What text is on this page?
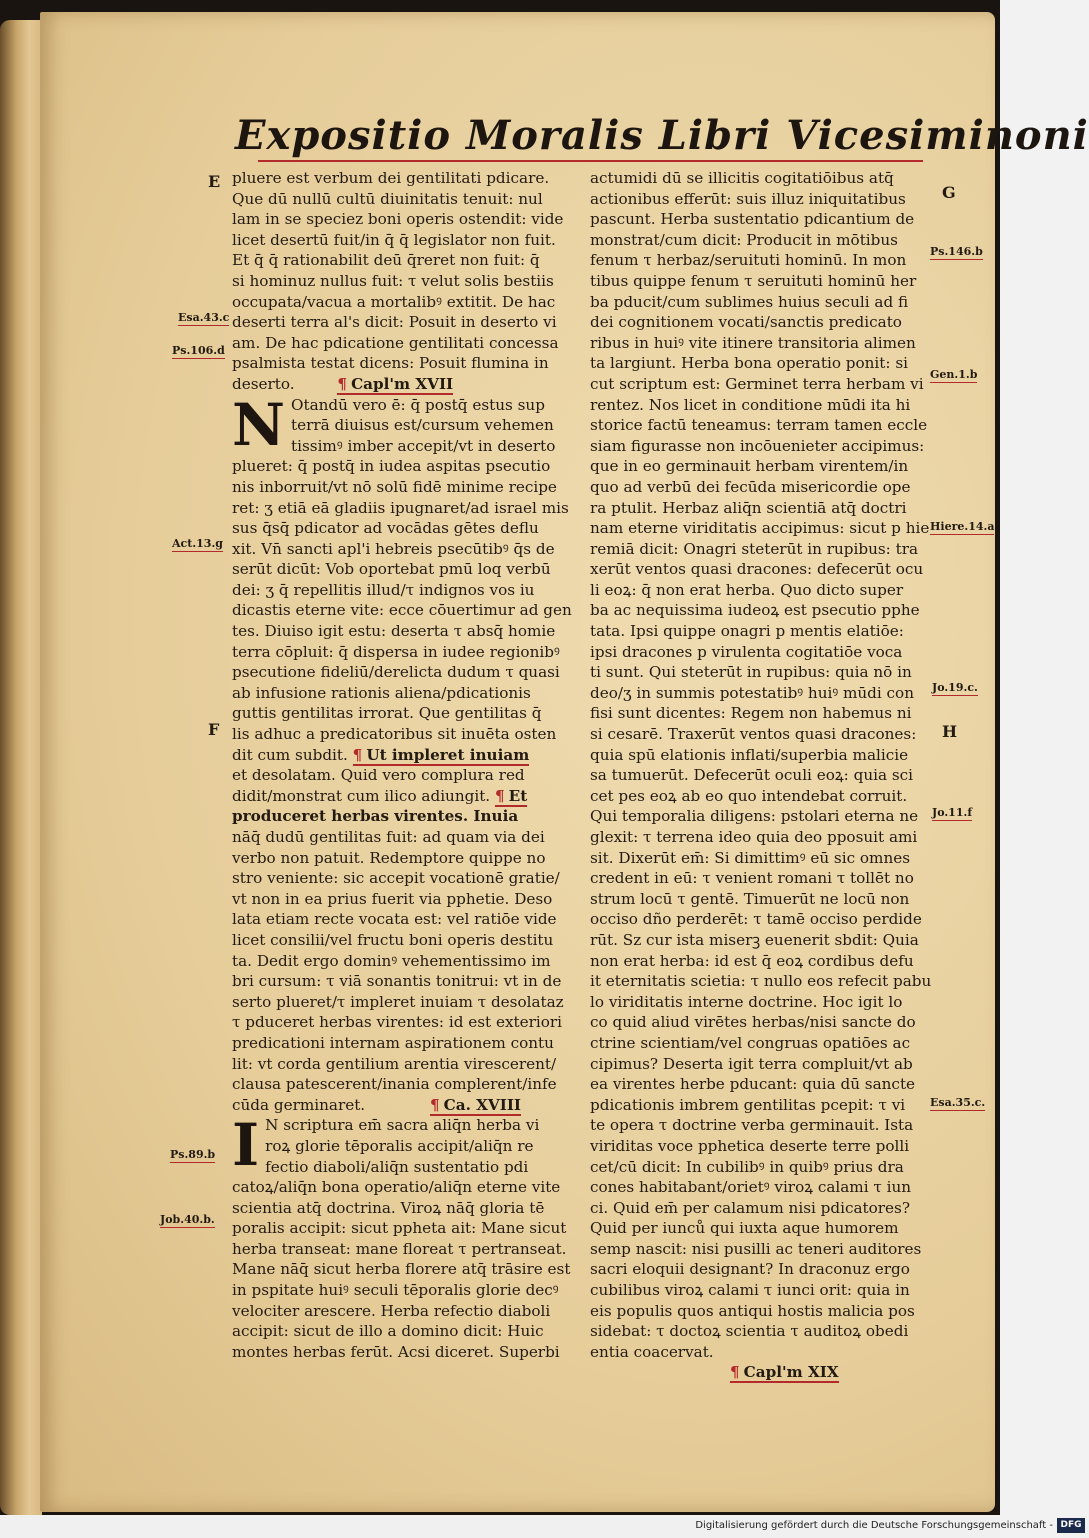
Expositio Moralis Libri Vicesiminoni
E
Esa.43.c
Ps.106.d
Act.13.g
F
Ps.89.b
Job.40.b.
G
Ps.146.b
Gen.1.b
Hiere.14.a
Jo.19.c.
H
Jo.11.f
Esa.35.c.
pluere est verbum dei gentilitati pdicare.
Que dū nullū cultū diuinitatis tenuit: nul
lam in se speciez boni operis ostendit: vide
licet desertū fuit/in q̄ q̄ legislator non fuit.
Et q̄ q̄ rationabilit deū q̄reret non fuit: q̄
si hominuz nullus fuit: τ velut solis bestiis
occupata/vacua a mortalibꝰ extitit. De hac
deserti terra al's dicit: Posuit in deserto vi
am. De hac pdicatione gentilitati concessa
psalmista testat dicens: Posuit flumina in
deserto.	¶ Capl'm XVII
N Otandū vero ē: q̄ postq̄ estus sup
terrā diuisus est/cursum vehemen
tissimꝰ imber accepit/vt in deserto
plueret: q̄ postq̄ in iudea aspitas psecutio
nis inborruit/vt nō solū fidē minime recipe
ret: ʒ etiā eā gladiis ipugnaret/ad israel mis
sus q̄sq̄ pdicator ad vocādas gētes deflu
xit. Vn̄ sancti apl'i hebreis psecūtibꝰ q̄s de
serūt dicūt: Vob oportebat pmū loq verbū
dei: ʒ q̄ repellitis illud/τ indignos vos iu
dicastis eterne vite: ecce cōuertimur ad gen
tes. Diuiso igit estu: deserta τ absq̄ homie
terra cōpluit: q̄ dispersa in iudee regionibꝰ
psecutione fideliū/derelicta dudum τ quasi
ab infusione rationis aliena/pdicationis
guttis gentilitas irrorat. Que gentilitas q̄
lis adhuc a predicatoribus sit inuēta osten
dit cum subdit. ¶ Ut impleret inuiam
et desolatam. Quid vero complura red
didit/monstrat cum ilico adiungit. ¶ Et
produceret herbas virentes. Inuia
nāq̄ dudū gentilitas fuit: ad quam via dei
verbo non patuit. Redemptore quippe no
stro veniente: sic accepit vocationē gratie/
vt non in ea prius fuerit via pphetie. Deso
lata etiam recte vocata est: vel ratiōe vide
licet consilii/vel fructu boni operis destitu
ta. Dedit ergo dominꝰ vehementissimo im
bri cursum: τ viā sonantis tonitrui: vt in de
serto plueret/τ impleret inuiam τ desolataz
τ pduceret herbas virentes: id est exteriori
predicationi internam aspirationem contu
lit: vt corda gentilium arentia virescerent/
clausa patescerent/inania complerent/infe
cūda germinaret.	¶ Ca. XVIII
I N scriptura em̄ sacra aliq̄n herba vi
roꝝ glorie tēporalis accipit/aliq̄n re
fectio diaboli/aliq̄n sustentatio pdi
catoꝝ/aliq̄n bona operatio/aliq̄n eterne vite
scientia atq̄ doctrina. Viroꝝ nāq̄ gloria tē
poralis accipit: sicut ppheta ait: Mane sicut
herba transeat: mane floreat τ pertranseat.
Mane nāq̄ sicut herba florere atq̄ trāsire est
in pspitate huiꝰ seculi tēporalis glorie decꝰ
velociter arescere. Herba refectio diaboli
accipit: sicut de illo a domino dicit: Huic
montes herbas ferūt. Acsi diceret. Superbi
actumidi dū se illicitis cogitatiōibus atq̄
actionibus efferūt: suis illuz iniquitatibus
pascunt. Herba sustentatio pdicantium de
monstrat/cum dicit: Producit in mōtibus
fenum τ herbaz/seruituti hominū. In mon
tibus quippe fenum τ seruituti hominū her
ba pducit/cum sublimes huius seculi ad fi
dei cognitionem vocati/sanctis predicato
ribus in huiꝰ vite itinere transitoria alimen
ta largiunt. Herba bona operatio ponit: si
cut scriptum est: Germinet terra herbam vi
rentez. Nos licet in conditione mūdi ita hi
storice factū teneamus: terram tamen eccle
siam figurasse non incōuenieter accipimus:
que in eo germinauit herbam virentem/in
quo ad verbū dei fecūda misericordie ope
ra ptulit. Herbaz aliq̄n scientiā atq̄ doctri
nam eterne viriditatis accipimus: sicut p hie
remiā dicit: Onagri steterūt in rupibus: tra
xerūt ventos quasi dracones: defecerūt ocu
li eoꝝ: q̄ non erat herba. Quo dicto super
ba ac nequissima iudeoꝝ est psecutio pphe
tata. Ipsi quippe onagri p mentis elatiōe:
ipsi dracones p virulenta cogitatiōe voca
ti sunt. Qui steterūt in rupibus: quia nō in
deo/ʒ in summis potestatibꝰ huiꝰ mūdi con
fisi sunt dicentes: Regem non habemus ni
si cesarē. Traxerūt ventos quasi dracones:
quia spū elationis inflati/superbia malicie
sa tumuerūt. Defecerūt oculi eoꝝ: quia sci
cet pes eoꝝ ab eo quo intendebat corruit.
Qui temporalia diligens: pstolari eterna ne
glexit: τ terrena ideo quia deo pposuit ami
sit. Dixerūt em̄: Si dimittimꝰ eū sic omnes
credent in eū: τ venient romani τ tollēt no
strum locū τ gentē. Timuerūt ne locū non
occiso dño perderēt: τ tamē occiso perdide
rūt. Sz cur ista miserꝫ euenerit sbdit: Quia
non erat herba: id est q̄ eoꝝ cordibus defu
it eternitatis scietia: τ nullo eos refecit pabu
lo viriditatis interne doctrine. Hoc igit lo
co quid aliud virētes herbas/nisi sancte do
ctrine scientiam/vel congruas opatiōes ac
cipimus? Deserta igit terra compluit/vt ab
ea virentes herbe pducant: quia dū sancte
pdicationis imbrem gentilitas pcepit: τ vi
te opera τ doctrine verba germinauit. Ista
viriditas voce pphetica deserte terre polli
cet/cū dicit: In cubilibꝰ in quibꝰ prius dra
cones habitabant/orietꝰ viroꝝ calami τ iun
ci. Quid em̄ per calamum nisi pdicatores?
Quid per iunců qui iuxta aque humorem
semp nascit: nisi pusilli ac teneri auditores
sacri eloquii designant? In draconuz ergo
cubilibus viroꝝ calami τ iunci orit: quia in
eis populis quos antiqui hostis malicia pos
sidebat: τ doctoꝝ scientia τ auditoꝝ obedi
entia coacervat.
¶ Capl'm XIX
Digitalisierung gefördert durch die Deutsche Forschungsgemeinschaft - DFG
